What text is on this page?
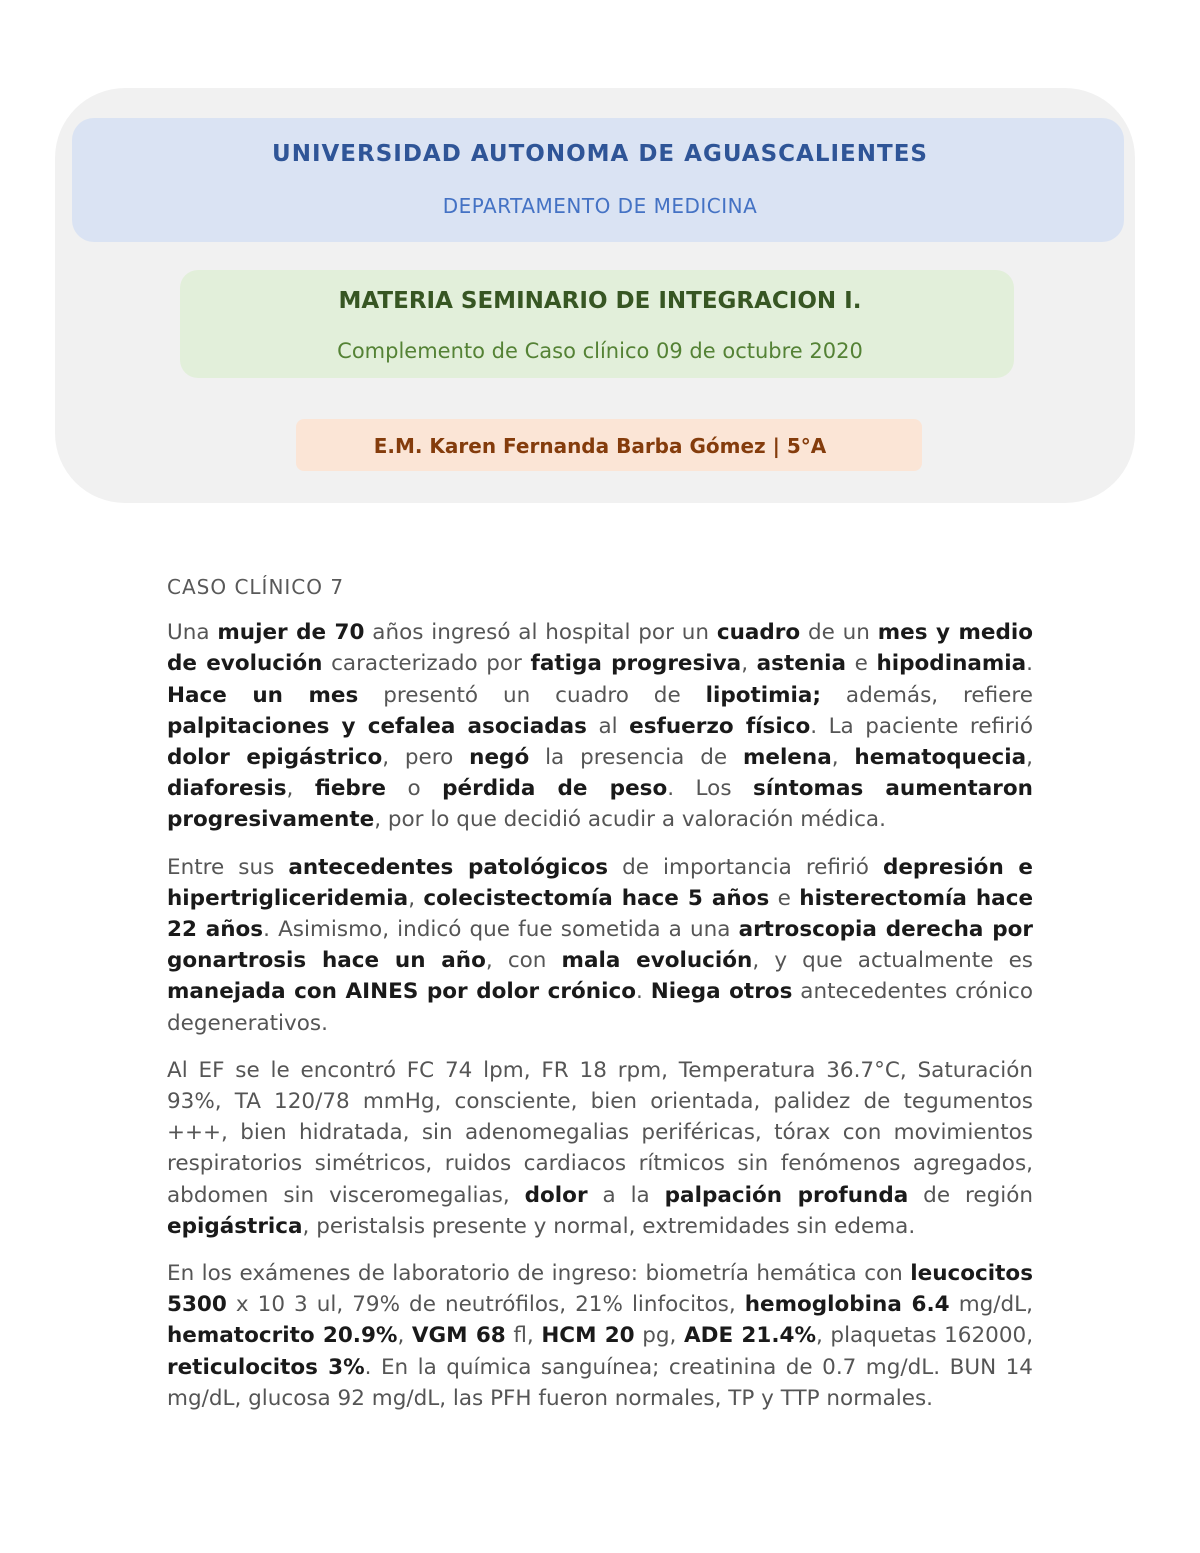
UNIVERSIDAD AUTONOMA DE AGUASCALIENTES
DEPARTAMENTO DE MEDICINA
MATERIA SEMINARIO DE INTEGRACION I.
Complemento de Caso clínico 09 de octubre 2020
E.M. Karen Fernanda Barba Gómez | 5°A
CASO CLÍNICO 7

Una mujer de 70 años ingresó al hospital por un cuadro de un mes y medio de evolución caracterizado por fatiga progresiva, astenia e hipodinamia. Hace un mes presentó un cuadro de lipotimia; además, refiere palpitaciones y cefalea asociadas al esfuerzo físico. La paciente refirió dolor epigástrico, pero negó la presencia de melena, hematoquecia, diaforesis, fiebre o pérdida de peso. Los síntomas aumentaron progresivamente, por lo que decidió acudir a valoración médica.

Entre sus antecedentes patológicos de importancia refirió depresión e hipertrigliceridemia, colecistectomía hace 5 años e histerectomía hace 22 años. Asimismo, indicó que fue sometida a una artroscopia derecha por gonartrosis hace un año, con mala evolución, y que actualmente es manejada con AINES por dolor crónico. Niega otros antecedentes crónico degenerativos.

Al EF se le encontró FC 74 lpm, FR 18 rpm, Temperatura 36.7°C, Saturación 93%, TA 120/78 mmHg, consciente, bien orientada, palidez de tegumentos +++, bien hidratada, sin adenomegalias periféricas, tórax con movimientos respiratorios simétricos, ruidos cardiacos rítmicos sin fenómenos agregados, abdomen sin visceromegalias, dolor a la palpación profunda de región epigástrica, peristalsis presente y normal, extremidades sin edema.

En los exámenes de laboratorio de ingreso: biometría hemática con leucocitos 5300 x 10 3 ul, 79% de neutrófilos, 21% linfocitos, hemoglobina 6.4 mg/dL, hematocrito 20.9%, VGM 68 fl, HCM 20 pg, ADE 21.4%, plaquetas 162000, reticulocitos 3%. En la química sanguínea; creatinina de 0.7 mg/dL. BUN 14 mg/dL, glucosa 92 mg/dL, las PFH fueron normales, TP y TTP normales.
